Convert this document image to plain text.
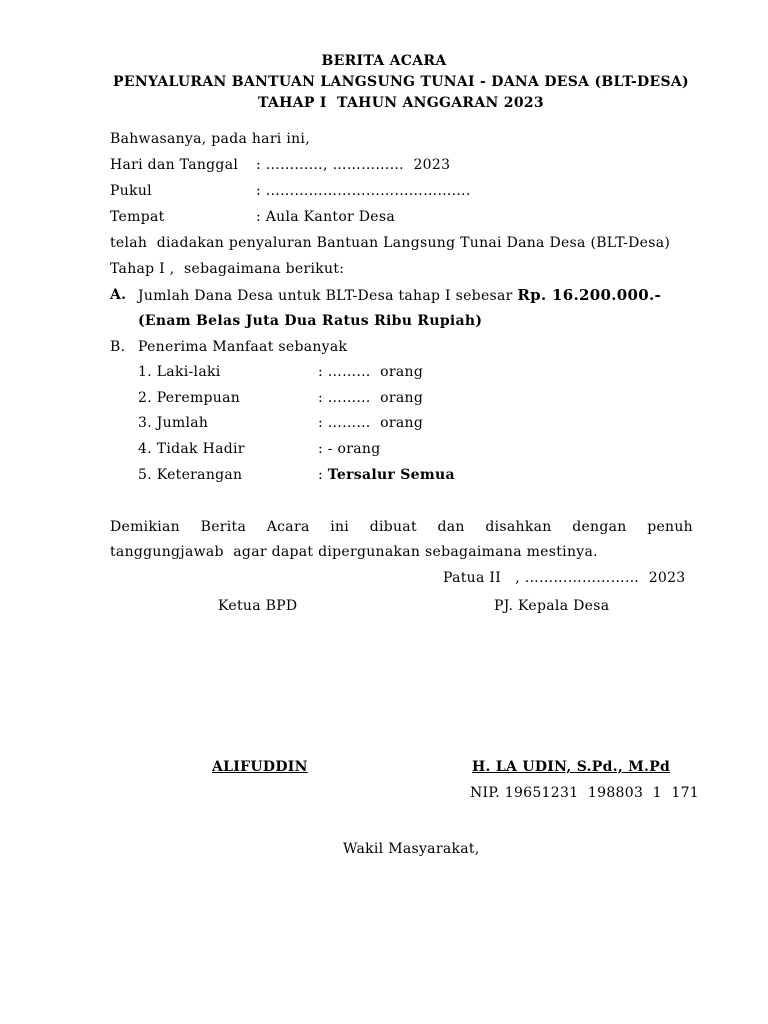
BERITA ACARA
PENYALURAN BANTUAN LANGSUNG TUNAI - DANA DESA (BLT-DESA)
TAHAP I  TAHUN ANGGARAN 2023
Bahwasanya, pada hari ini,
Hari dan Tanggal : …………, ……………  2023
Pukul	: …………………………………….
Tempat	: Aula Kantor Desa
telah  diadakan penyaluran Bantuan Langsung Tunai Dana Desa (BLT-Desa)
Tahap I ,  sebagaimana berikut:
A. Jumlah Dana Desa untuk BLT-Desa tahap I sebesar Rp. 16.200.000.-
(Enam Belas Juta Dua Ratus Ribu Rupiah)
B. Penerima Manfaat sebanyak
1. Laki-laki	: ………  orang
2. Perempuan	: ………  orang
3. Jumlah	: ………  orang
4. Tidak Hadir	: - orang
5. Keterangan	: Tersalur Semua
Demikian Berita Acara ini dibuat dan disahkan dengan penuh
tanggungjawab  agar dapat dipergunakan sebagaimana mestinya.
Patua II   , ……………………  2023
Ketua BPD	PJ. Kepala Desa
ALIFUDDIN	H. LA UDIN, S.Pd., M.Pd
NIP. 19651231  198803  1  171
Wakil Masyarakat,
